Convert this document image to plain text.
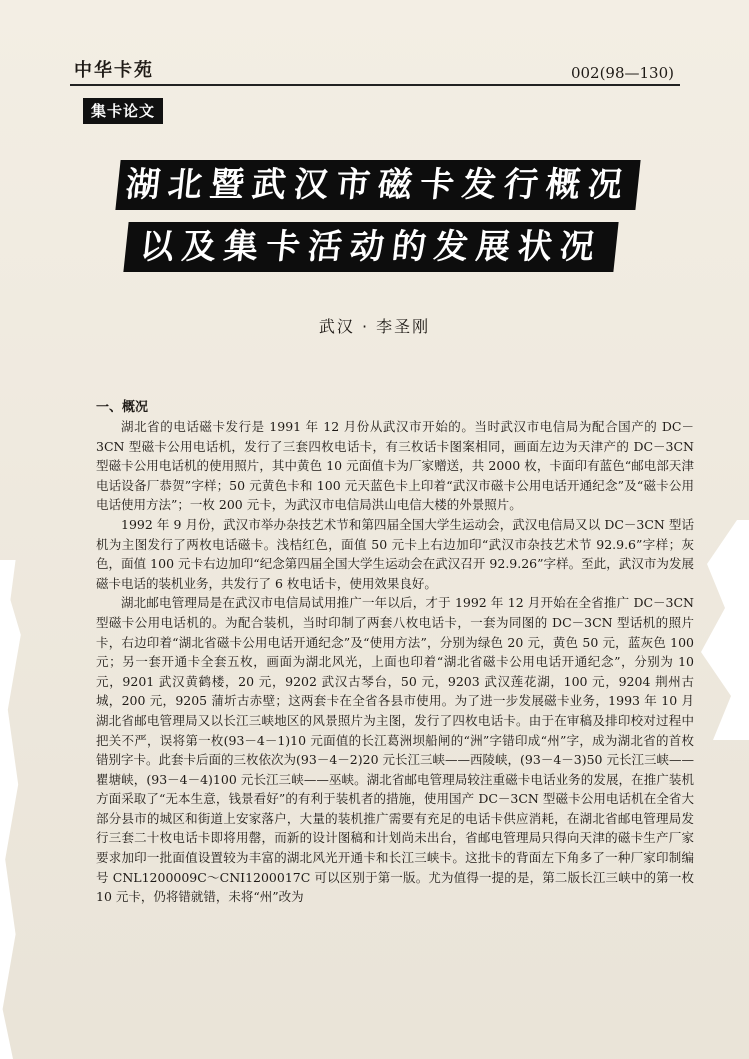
中华卡苑	002(98—130)
集卡论文
湖北暨武汉市磁卡发行概况
以及集卡活动的发展状况
武汉 · 李圣刚
一、概况

湖北省的电话磁卡发行是 1991 年 12 月份从武汉市开始的。当时武汉市电信局为配合国产的 DC－3CN 型磁卡公用电话机，发行了三套四枚电话卡，有三枚话卡图案相同，画面左边为天津产的 DC－3CN 型磁卡公用电话机的使用照片，其中黄色 10 元面值卡为厂家赠送，共 2000 枚，卡面印有蓝色“邮电部天津电话设备厂恭贺”字样；50 元黄色卡和 100 元天蓝色卡上印着“武汉市磁卡公用电话开通纪念”及“磁卡公用电话使用方法”；一枚 200 元卡，为武汉市电信局洪山电信大楼的外景照片。

1992 年 9 月份，武汉市举办杂技艺术节和第四届全国大学生运动会，武汉电信局又以 DC－3CN 型话机为主图发行了两枚电话磁卡。浅桔红色，面值 50 元卡上右边加印“武汉市杂技艺术节 92.9.6”字样；灰色，面值 100 元卡右边加印“纪念第四届全国大学生运动会在武汉召开 92.9.26”字样。至此，武汉市为发展磁卡电话的装机业务，共发行了 6 枚电话卡，使用效果良好。

湖北邮电管理局是在武汉市电信局试用推广一年以后，才于 1992 年 12 月开始在全省推广 DC－3CN 型磁卡公用电话机的。为配合装机，当时印制了两套八枚电话卡，一套为同图的 DC－3CN 型话机的照片卡，右边印着“湖北省磁卡公用电话开通纪念”及“使用方法”，分别为绿色 20 元，黄色 50 元，蓝灰色 100 元；另一套开通卡全套五枚，画面为湖北风光，上面也印着“湖北省磁卡公用电话开通纪念”，分别为 10 元，9201 武汉黄鹤楼，20 元，9202 武汉古琴台，50 元，9203 武汉莲花湖，100 元，9204 荆州古城，200 元，9205 蒲圻古赤壁；这两套卡在全省各县市使用。为了进一步发展磁卡业务，1993 年 10 月湖北省邮电管理局又以长江三峡地区的风景照片为主图，发行了四枚电话卡。由于在审稿及排印校对过程中把关不严，误将第一枚(93－4－1)10 元面值的长江葛洲坝船闸的“洲”字错印成“州”字，成为湖北省的首枚错别字卡。此套卡后面的三枚依次为(93－4－2)20 元长江三峡——西陵峡，(93－4－3)50 元长江三峡——瞿塘峡，(93－4－4)100 元长江三峡——巫峡。湖北省邮电管理局较注重磁卡电话业务的发展，在推广装机方面采取了“无本生意，钱景看好”的有利于装机者的措施，使用国产 DC－3CN 型磁卡公用电话机在全省大部分县市的城区和街道上安家落户，大量的装机推广需要有充足的电话卡供应消耗，在湖北省邮电管理局发行三套二十枚电话卡即将用罄，而新的设计图稿和计划尚未出台，省邮电管理局只得向天津的磁卡生产厂家要求加印一批面值设置较为丰富的湖北风光开通卡和长江三峡卡。这批卡的背面左下角多了一种厂家印制编号 CNL1200009C～CNI1200017C 可以区别于第一版。尤为值得一提的是，第二版长江三峡中的第一枚 10 元卡，仍将错就错，未将“州”改为
